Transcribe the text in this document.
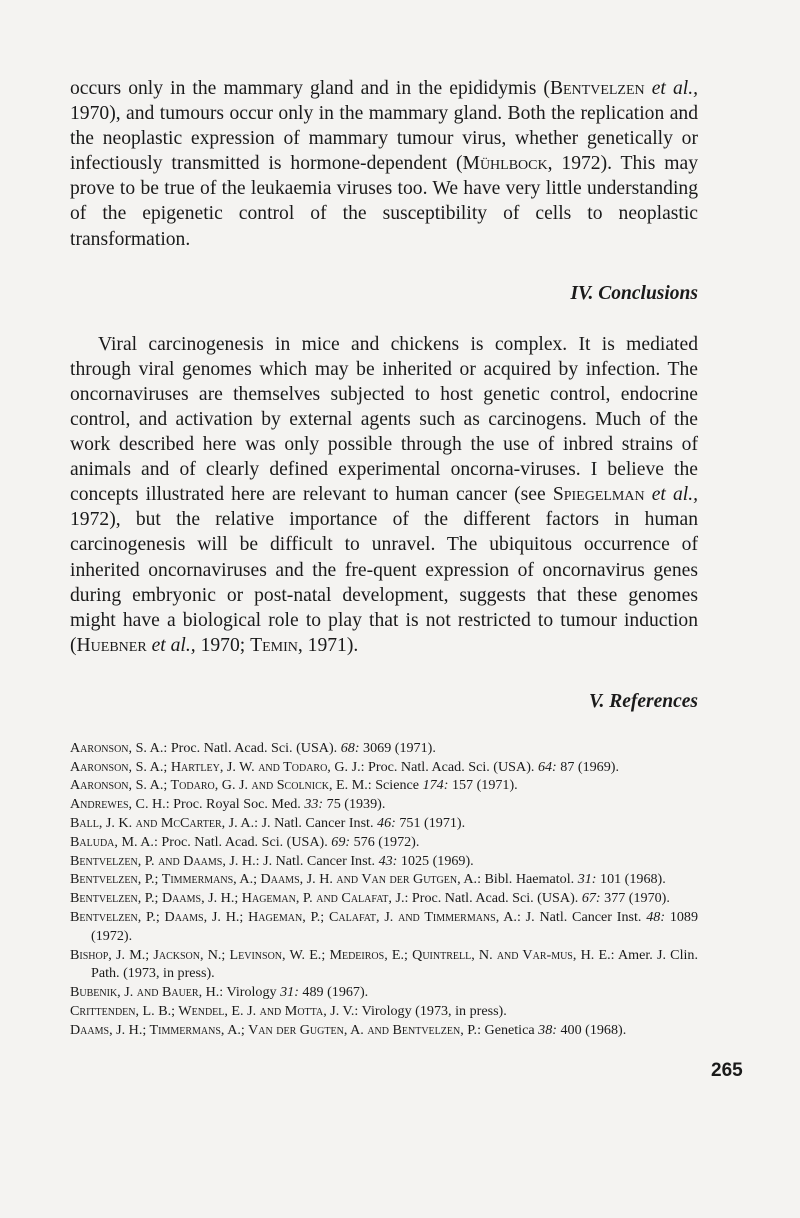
occurs only in the mammary gland and in the epididymis (Bentvelzen et al., 1970), and tumours occur only in the mammary gland. Both the replication and the neoplastic expression of mammary tumour virus, whether genetically or infectiously transmitted is hormone-dependent (Mühlbock, 1972). This may prove to be true of the leukaemia viruses too. We have very little understanding of the epigenetic control of the susceptibility of cells to neoplastic transformation.

IV. Conclusions

Viral carcinogenesis in mice and chickens is complex. It is mediated through viral genomes which may be inherited or acquired by infection. The oncornaviruses are themselves subjected to host genetic control, endocrine control, and activation by external agents such as carcinogens. Much of the work described here was only possible through the use of inbred strains of animals and of clearly defined experimental oncorna-viruses. I believe the concepts illustrated here are relevant to human cancer (see Spiegelman et al., 1972), but the relative importance of the different factors in human carcinogenesis will be difficult to unravel. The ubiquitous occurrence of inherited oncornaviruses and the fre-quent expression of oncornavirus genes during embryonic or post-natal development, suggests that these genomes might have a biological role to play that is not restricted to tumour induction (Huebner et al., 1970; Temin, 1971).

V. References
Aaronson, S. A.: Proc. Natl. Acad. Sci. (USA). 68: 3069 (1971).
Aaronson, S. A.; Hartley, J. W. and Todaro, G. J.: Proc. Natl. Acad. Sci. (USA). 64: 87 (1969).
Aaronson, S. A.; Todaro, G. J. and Scolnick, E. M.: Science 174: 157 (1971).
Andrewes, C. H.: Proc. Royal Soc. Med. 33: 75 (1939).
Ball, J. K. and McCarter, J. A.: J. Natl. Cancer Inst. 46: 751 (1971).
Baluda, M. A.: Proc. Natl. Acad. Sci. (USA). 69: 576 (1972).
Bentvelzen, P. and Daams, J. H.: J. Natl. Cancer Inst. 43: 1025 (1969).
Bentvelzen, P.; Timmermans, A.; Daams, J. H. and Van der Gutgen, A.: Bibl. Haematol. 31: 101 (1968).
Bentvelzen, P.; Daams, J. H.; Hageman, P. and Calafat, J.: Proc. Natl. Acad. Sci. (USA). 67: 377 (1970).
Bentvelzen, P.; Daams, J. H.; Hageman, P.; Calafat, J. and Timmermans, A.: J. Natl. Cancer Inst. 48: 1089 (1972).
Bishop, J. M.; Jackson, N.; Levinson, W. E.; Medeiros, E.; Quintrell, N. and Var-mus, H. E.: Amer. J. Clin. Path. (1973, in press).
Bubenik, J. and Bauer, H.: Virology 31: 489 (1967).
Crittenden, L. B.; Wendel, E. J. and Motta, J. V.: Virology (1973, in press).
Daams, J. H.; Timmermans, A.; Van der Gugten, A. and Bentvelzen, P.: Genetica 38: 400 (1968).
265
